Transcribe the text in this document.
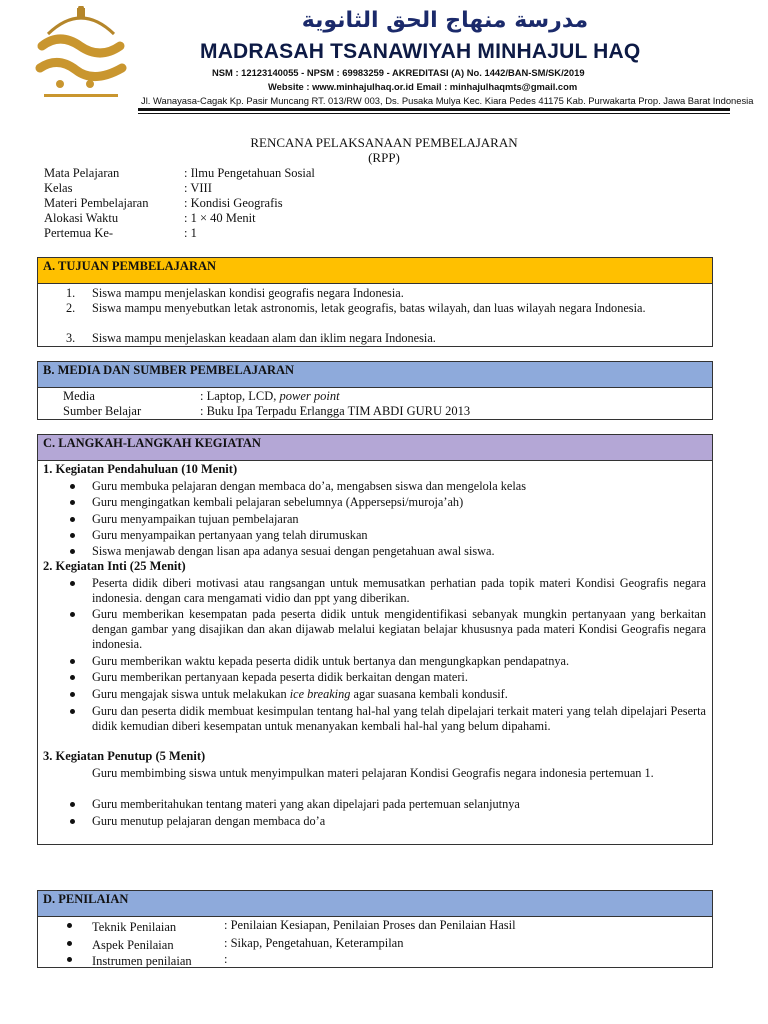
مدرسة منهاج الحق الثانوية
MADRASAH TSANAWIYAH MINHAJUL HAQ
NSM : 12123140055 - NPSM : 69983259 - AKREDITASI (A) No. 1442/BAN-SM/SK/2019
Website : www.minhajulhaq.or.id Email : minhajulhaqmts@gmail.com
Jl. Wanayasa-Cagak Kp. Pasir Muncang RT. 013/RW 003, Ds. Pusaka Mulya Kec. Kiara Pedes 41175 Kab. Purwakarta Prop. Jawa Barat Indonesia
RENCANA PELAKSANAAN PEMBELAJARAN
(RPP)
Mata Pelajaran	: Ilmu Pengetahuan Sosial
Kelas	: VIII
Materi Pembelajaran	: Kondisi Geografis
Alokasi Waktu	: 1 × 40 Menit
Pertemua Ke-	: 1
A. TUJUAN PEMBELAJARAN
1. Siswa mampu menjelaskan kondisi geografis negara Indonesia.
2. Siswa mampu menyebutkan letak astronomis, letak geografis, batas wilayah, dan luas wilayah negara Indonesia.
3. Siswa mampu menjelaskan keadaan alam dan iklim negara Indonesia.
B. MEDIA DAN SUMBER PEMBELAJARAN
Media	: Laptop, LCD, power point
Sumber Belajar	: Buku Ipa Terpadu Erlangga TIM ABDI GURU 2013
C. LANGKAH-LANGKAH KEGIATAN
1. Kegiatan Pendahuluan (10 Menit)
Guru membuka pelajaran dengan membaca do’a, mengabsen siswa dan mengelola kelas
Guru mengingatkan kembali pelajaran sebelumnya (Appersepsi/muroja’ah)
Guru menyampaikan tujuan pembelajaran
Guru menyampaikan pertanyaan yang telah dirumuskan
Siswa menjawab dengan lisan apa adanya sesuai dengan pengetahuan awal siswa.
2. Kegiatan Inti (25 Menit)
Peserta didik diberi motivasi atau rangsangan untuk memusatkan perhatian pada topik materi Kondisi Geografis negara indonesia. dengan cara mengamati vidio dan ppt yang diberikan.
Guru memberikan kesempatan pada peserta didik untuk mengidentifikasi sebanyak mungkin pertanyaan yang berkaitan dengan gambar yang disajikan dan akan dijawab melalui kegiatan belajar khususnya pada materi Kondisi Geografis negara indonesia.
Guru memberikan waktu kepada peserta didik untuk bertanya dan mengungkapkan pendapatnya.
Guru memberikan pertanyaan kepada peserta didik berkaitan dengan materi.
Guru mengajak siswa untuk melakukan ice breaking agar suasana kembali kondusif.
Guru dan peserta didik membuat kesimpulan tentang hal-hal yang telah dipelajari terkait materi yang telah dipelajari Peserta didik kemudian diberi kesempatan untuk menanyakan kembali hal-hal yang belum dipahami.
3. Kegiatan Penutup (5 Menit)
Guru membimbing siswa untuk menyimpulkan materi pelajaran Kondisi Geografis negara indonesia pertemuan 1.
Guru memberitahukan tentang materi yang akan dipelajari pada pertemuan selanjutnya
Guru menutup pelajaran dengan membaca do’a
D. PENILAIAN
Teknik Penilaian	: Penilaian Kesiapan, Penilaian Proses dan Penilaian Hasil
Aspek Penilaian	: Sikap, Pengetahuan, Keterampilan
Instrumen penilaian	:
